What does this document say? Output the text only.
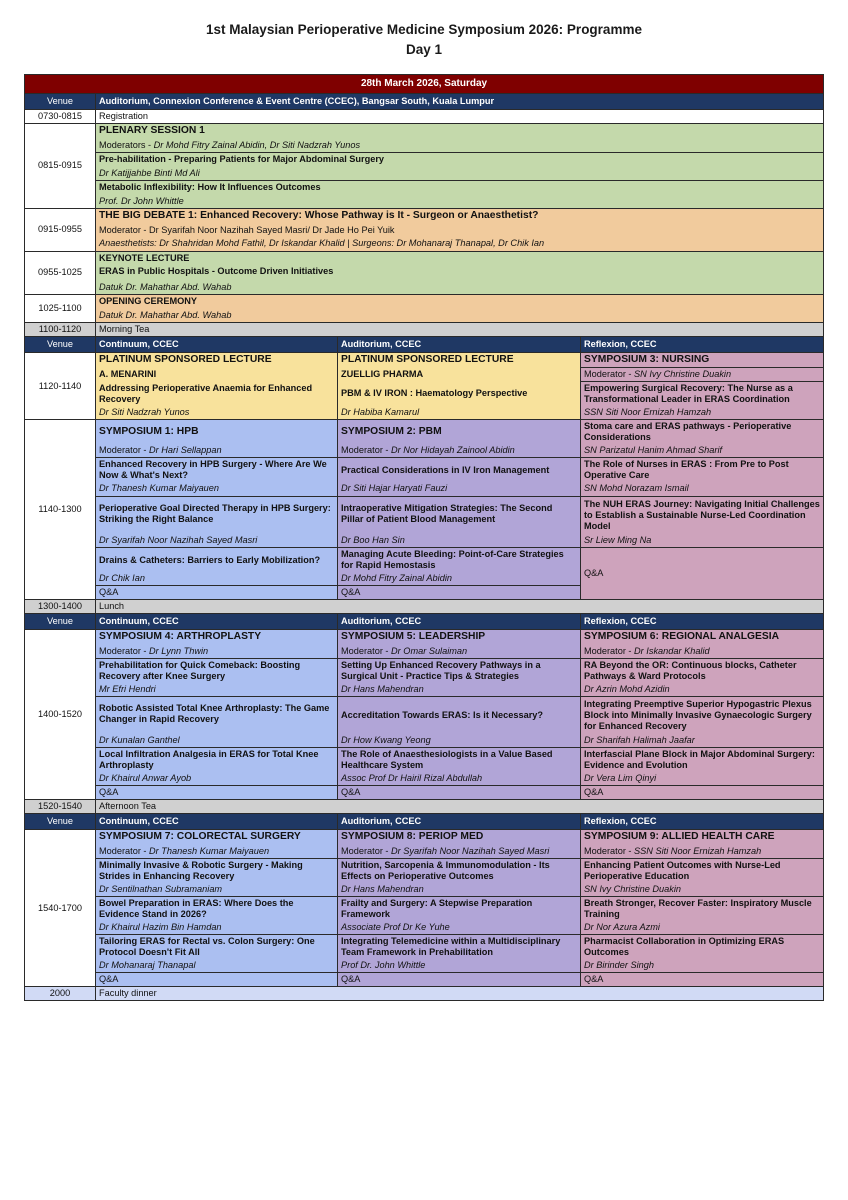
1st Malaysian Perioperative Medicine Symposium 2026: Programme
Day 1
28th March 2026, Saturday			
Venue	Auditorium, Connexion Conference & Event Centre (CCEC), Bangsar South, Kuala Lumpur		
0730-0815	Registration		
0815-0915	PLENARY SESSION 1		
	Moderators - Dr Mohd Fitry Zainal Abidin, Dr Siti Nadzrah Yunos		
	Pre-habilitation - Preparing Patients for Major Abdominal Surgery		
	Dr Katijjahbe Binti Md Ali		
	Metabolic Inflexibility: How It Influences Outcomes		
	Prof. Dr John Whittle		
0915-0955	THE BIG DEBATE 1: Enhanced Recovery: Whose Pathway is It - Surgeon or Anaesthetist?		
	Moderator - Dr Syarifah Noor Nazihah Sayed Masri/ Dr Jade Ho Pei Yuik		
	Anaesthetists: Dr Shahridan Mohd Fathil, Dr Iskandar Khalid | Surgeons: Dr Mohanaraj Thanapal, Dr Chik Ian		
0955-1025	KEYNOTE LECTURE		
	ERAS in Public Hospitals - Outcome Driven Initiatives		
	Datuk Dr. Mahathar Abd. Wahab		
1025-1100	OPENING CEREMONY		
	Datuk Dr. Mahathar Abd. Wahab		
1100-1120	Morning Tea		
Venue	Continuum, CCEC	Auditorium, CCEC	Reflexion, CCEC
1120-1140	PLATINUM SPONSORED LECTURE	PLATINUM SPONSORED LECTURE	SYMPOSIUM 3: NURSING
	A. MENARINI	ZUELLIG PHARMA	Moderator - SN Ivy Christine Duakin
	Addressing Perioperative Anaemia for Enhanced Recovery	PBM & IV IRON : Haematology Perspective	Empowering Surgical Recovery: The Nurse as a Transformational Leader in ERAS Coordination
	Dr Siti Nadzrah Yunos	Dr Habiba Kamarul	SSN Siti Noor Ernizah Hamzah
1140-1300	SYMPOSIUM 1: HPB	SYMPOSIUM 2: PBM	Stoma care and ERAS pathways - Perioperative Considerations
	Moderator - Dr Hari Sellappan	Moderator - Dr Nor Hidayah Zainool Abidin	SN Parizatul Hanim Ahmad Sharif
	Enhanced Recovery in HPB Surgery - Where Are We Now & What's Next?	Practical Considerations in IV Iron Management	The Role of Nurses in ERAS : From Pre to Post Operative Care
	Dr Thanesh Kumar Maiyauen	Dr Siti Hajar Haryati Fauzi	SN Mohd Norazam Ismail
	Perioperative Goal Directed Therapy in HPB Surgery: Striking the Right Balance	Intraoperative Mitigation Strategies: The Second Pillar of Patient Blood Management	The NUH ERAS Journey: Navigating Initial Challenges to Establish a Sustainable Nurse-Led Coordination Model
	Dr Syarifah Noor Nazihah Sayed Masri	Dr Boo Han Sin	Sr Liew Ming Na
	Drains & Catheters: Barriers to Early Mobilization?	Managing Acute Bleeding: Point-of-Care Strategies for Rapid Hemostasis	Q&A
	Dr Chik Ian	Dr Mohd Fitry Zainal Abidin	
	Q&A	Q&A	
1300-1400	Lunch		
Venue	Continuum, CCEC	Auditorium, CCEC	Reflexion, CCEC
1400-1520	SYMPOSIUM 4: ARTHROPLASTY	SYMPOSIUM 5: LEADERSHIP	SYMPOSIUM 6: REGIONAL ANALGESIA
	Moderator - Dr Lynn Thwin	Moderator - Dr Omar Sulaiman	Moderator - Dr Iskandar Khalid
	Prehabilitation for Quick Comeback: Boosting Recovery after Knee Surgery	Setting Up Enhanced Recovery Pathways in a Surgical Unit - Practice Tips & Strategies	RA Beyond the OR: Continuous blocks, Catheter Pathways & Ward Protocols
	Mr Efri Hendri	Dr Hans Mahendran	Dr Azrin Mohd Azidin
	Robotic Assisted Total Knee Arthroplasty: The Game Changer in Rapid Recovery	Accreditation Towards ERAS: Is it Necessary?	Integrating Preemptive Superior Hypogastric Plexus Block into Minimally Invasive Gynaecologic Surgery for Enhanced Recovery
	Dr Kunalan Ganthel	Dr How Kwang Yeong	Dr Sharifah Halimah Jaafar
	Local Infiltration Analgesia in ERAS for Total Knee Arthroplasty	The Role of Anaesthesiologists in a Value Based Healthcare System	Interfascial Plane Block in Major Abdominal Surgery: Evidence and Evolution
	Dr Khairul Anwar Ayob	Assoc Prof Dr Hairil Rizal Abdullah	Dr Vera Lim Qinyi
	Q&A	Q&A	Q&A
1520-1540	Afternoon Tea		
Venue	Continuum, CCEC	Auditorium, CCEC	Reflexion, CCEC
1540-1700	SYMPOSIUM 7: COLORECTAL SURGERY	SYMPOSIUM 8: PERIOP MED	SYMPOSIUM 9: ALLIED HEALTH CARE
	Moderator - Dr Thanesh Kumar Maiyauen	Moderator - Dr Syarifah Noor Nazihah Sayed Masri	Moderator - SSN Siti Noor Ernizah Hamzah
	Minimally Invasive & Robotic Surgery - Making Strides in Enhancing Recovery	Nutrition, Sarcopenia & Immunomodulation - Its Effects on Perioperative Outcomes	Enhancing Patient Outcomes with Nurse-Led Perioperative Education
	Dr Sentilnathan Subramaniam	Dr Hans Mahendran	SN Ivy Christine Duakin
	Bowel Preparation in ERAS: Where Does the Evidence Stand in 2026?	Frailty and Surgery: A Stepwise Preparation Framework	Breath Stronger, Recover Faster: Inspiratory Muscle Training
	Dr Khairul Hazim Bin Hamdan	Associate Prof Dr Ke Yuhe	Dr Nor Azura Azmi
	Tailoring ERAS for Rectal vs. Colon Surgery: One Protocol Doesn't Fit All	Integrating Telemedicine within a Multidisciplinary Team Framework in Prehabilitation	Pharmacist Collaboration in Optimizing ERAS Outcomes
	Dr Mohanaraj Thanapal	Prof Dr. John Whittle	Dr Birinder Singh
	Q&A	Q&A	Q&A
2000	Faculty dinner		
